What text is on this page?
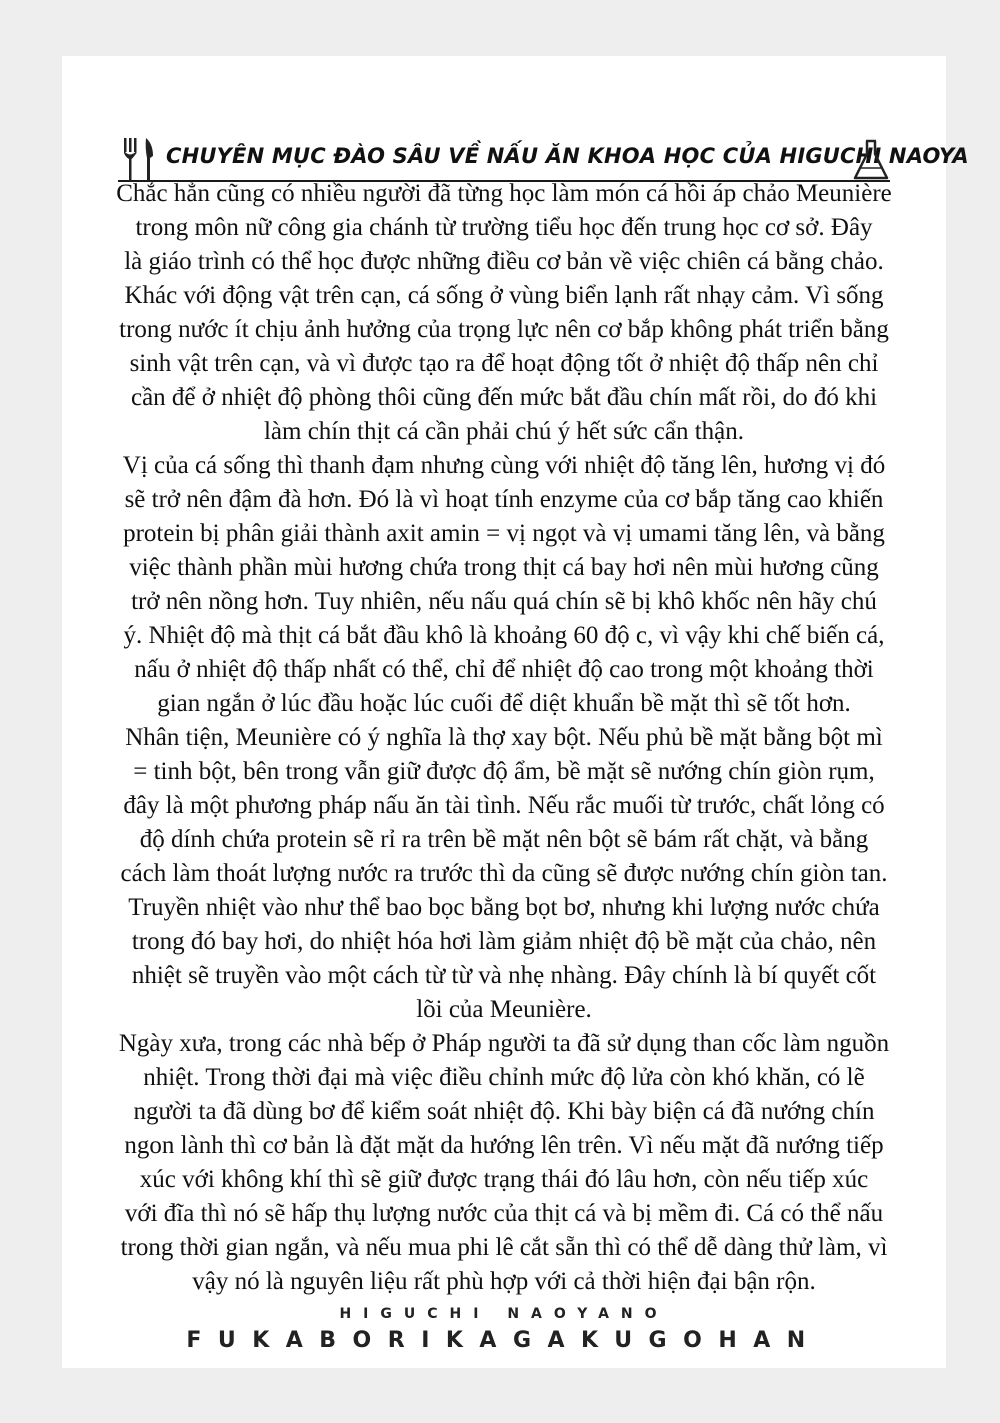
CHUYÊN MỤC ĐÀO SÂU VỀ NẤU ĂN KHOA HỌC CỦA HIGUCHI NAOYA
Chắc hẳn cũng có nhiều người đã từng học làm món cá hồi áp chảo Meunière
trong môn nữ công gia chánh từ trường tiểu học đến trung học cơ sở. Đây
là giáo trình có thể học được những điều cơ bản về việc chiên cá bằng chảo.
Khác với động vật trên cạn, cá sống ở vùng biển lạnh rất nhạy cảm. Vì sống
trong nước ít chịu ảnh hưởng của trọng lực nên cơ bắp không phát triển bằng
sinh vật trên cạn, và vì được tạo ra để hoạt động tốt ở nhiệt độ thấp nên chỉ
cần để ở nhiệt độ phòng thôi cũng đến mức bắt đầu chín mất rồi, do đó khi
làm chín thịt cá cần phải chú ý hết sức cẩn thận.
Vị của cá sống thì thanh đạm nhưng cùng với nhiệt độ tăng lên, hương vị đó
sẽ trở nên đậm đà hơn. Đó là vì hoạt tính enzyme của cơ bắp tăng cao khiến
protein bị phân giải thành axit amin = vị ngọt và vị umami tăng lên, và bằng
việc thành phần mùi hương chứa trong thịt cá bay hơi nên mùi hương cũng
trở nên nồng hơn. Tuy nhiên, nếu nấu quá chín sẽ bị khô khốc nên hãy chú
ý. Nhiệt độ mà thịt cá bắt đầu khô là khoảng 60 độ c, vì vậy khi chế biến cá,
nấu ở nhiệt độ thấp nhất có thể, chỉ để nhiệt độ cao trong một khoảng thời
gian ngắn ở lúc đầu hoặc lúc cuối để diệt khuẩn bề mặt thì sẽ tốt hơn.
Nhân tiện, Meunière có ý nghĩa là thợ xay bột. Nếu phủ bề mặt bằng bột mì
= tinh bột, bên trong vẫn giữ được độ ẩm, bề mặt sẽ nướng chín giòn rụm,
đây là một phương pháp nấu ăn tài tình. Nếu rắc muối từ trước, chất lỏng có
độ dính chứa protein sẽ rỉ ra trên bề mặt nên bột sẽ bám rất chặt, và bằng
cách làm thoát lượng nước ra trước thì da cũng sẽ được nướng chín giòn tan.
Truyền nhiệt vào như thể bao bọc bằng bọt bơ, nhưng khi lượng nước chứa
trong đó bay hơi, do nhiệt hóa hơi làm giảm nhiệt độ bề mặt của chảo, nên
nhiệt sẽ truyền vào một cách từ từ và nhẹ nhàng. Đây chính là bí quyết cốt
lõi của Meunière.
Ngày xưa, trong các nhà bếp ở Pháp người ta đã sử dụng than cốc làm nguồn
nhiệt. Trong thời đại mà việc điều chỉnh mức độ lửa còn khó khăn, có lẽ
người ta đã dùng bơ để kiểm soát nhiệt độ. Khi bày biện cá đã nướng chín
ngon lành thì cơ bản là đặt mặt da hướng lên trên. Vì nếu mặt đã nướng tiếp
xúc với không khí thì sẽ giữ được trạng thái đó lâu hơn, còn nếu tiếp xúc
với đĩa thì nó sẽ hấp thụ lượng nước của thịt cá và bị mềm đi. Cá có thể nấu
trong thời gian ngắn, và nếu mua phi lê cắt sẵn thì có thể dễ dàng thử làm, vì
vậy nó là nguyên liệu rất phù hợp với cả thời hiện đại bận rộn.
HIGUCHI NAOYANO
FUKABORIKAGAKUGOHAN
